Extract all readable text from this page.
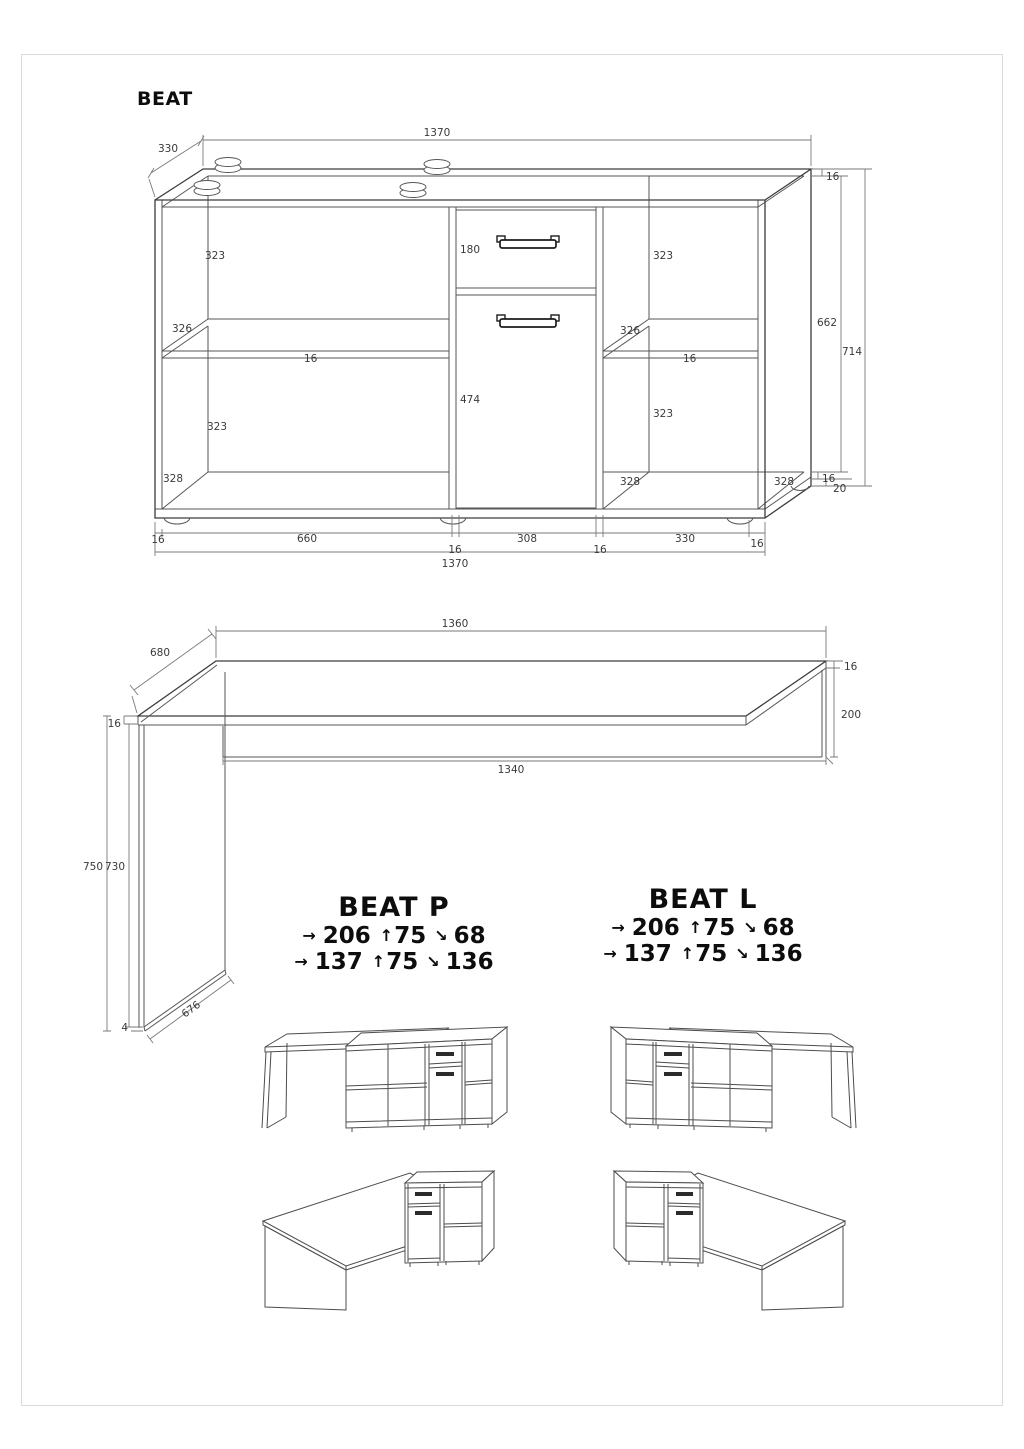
BEAT
1370
330
16
662
714
16
20
323
326
16
323
328
180
474
323
326
16
323
328	328
16	660
16
308
16
330	16
1370
1360
680
16
750 730
4
676
16
200
1340
BEAT P
→ 206 ↑ 75 ↘ 68
→ 137 ↑ 75 ↘ 136
BEAT L
→ 206 ↑ 75 ↘ 68
→ 137 ↑ 75 ↘ 136
